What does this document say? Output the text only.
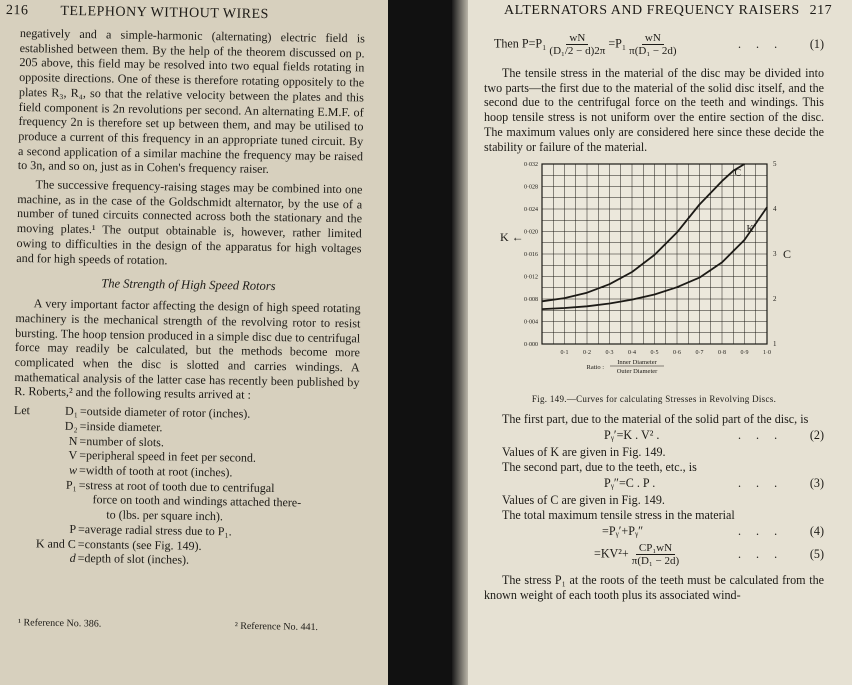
216 TELEPHONY WITHOUT WIRES

negatively and a simple-harmonic (alternating) electric field is established between them. By the help of the theorem discussed on p. 205 above, this field may be resolved into two equal fields rotating in opposite directions. One of these is therefore rotating oppositely to the plates R₃, R₄, so that the relative velocity between the plates and this field component is 2n revolutions per second. An alternating E.M.F. of frequency 2n is therefore set up between them, and may be utilised to produce a current of this frequency in an appropriate tuned circuit. By a second application of a similar machine the frequency may be raised to 3n, and so on, just as in Cohen's frequency raiser.

The successive frequency-raising stages may be combined into one machine, as in the case of the Goldschmidt alternator, by the use of a number of tuned circuits connected across both the stationary and the moving plates.¹ The output obtainable is, however, rather limited owing to difficulties in the design of the apparatus for high voltages and for high speeds of rotation.

The Strength of High Speed Rotors

A very important factor affecting the design of high speed rotating machinery is the mechanical strength of the revolving rotor to resist bursting. The hoop tension produced in a simple disc due to centrifugal force may readily be calculated, but the methods become more complicated when the disc is slotted and carries windings. A mathematical analysis of the latter case has recently been published by R. Roberts,² and the following results arrived at :

Let	D₁ =outside diameter of rotor (inches).
D₂ =inside diameter.
N =number of slots.
V =peripheral speed in feet per second.
w =width of tooth at root (inches).
P₁ =stress at root of tooth due to centrifugal
force on tooth and windings attached there-
to (lbs. per square inch).
P =average radial stress due to P₁.
K and C =constants (see Fig. 149).
d =depth of slot (inches).
¹ Reference No. 386.	² Reference No. 441.
ALTERNATORS AND FREQUENCY RAISERS 217
Then $P=P_1 \frac{wN}{\text{(D₁/2 − d)2π}} =P_1 \frac{wN}{\text{π(D₁ − 2d)}}$	. . .	(1)

The tensile stress in the material of the disc may be divided into two parts—the first due to the material of the solid disc itself, and the second due to the centrifugal force on the teeth and windings. This hoop tensile stress is not uniform over the entire section of the disc. The maximum values only are considered here since these decide the stability or failure of the material.

0·000
0·004
0·008
0·012
0·016
0·020
0·024
0·028
0·032
1
2
3
4
5
0·1 0·2 0·3 0·4 0·5 0·6 0·7 0·8 0·9 1·0
K ←
C
K
C
Ratio :
Inner Diameter
Outer Diameter
Fig. 149.—Curves for calculating Stresses in Revolving Discs.

The first part, due to the material of the solid part of the disc, is

Pᵧ′=K . V² .	. . .	(2)
Values of K are given in Fig. 149.
The second part, due to the teeth, etc., is
Pᵧ″=C . P .	. . .	(3)
Values of C are given in Fig. 149.
The total maximum tensile stress in the material
=Pᵧ′+Pᵧ″	. . .	(4)
$=KV^2+ \frac{\text{CP₁wN}}{\text{π(D₁ − 2d)}}$	. . .	(5)

The stress P₁ at the roots of the teeth must be calculated from the known weight of each tooth plus its associated wind-
